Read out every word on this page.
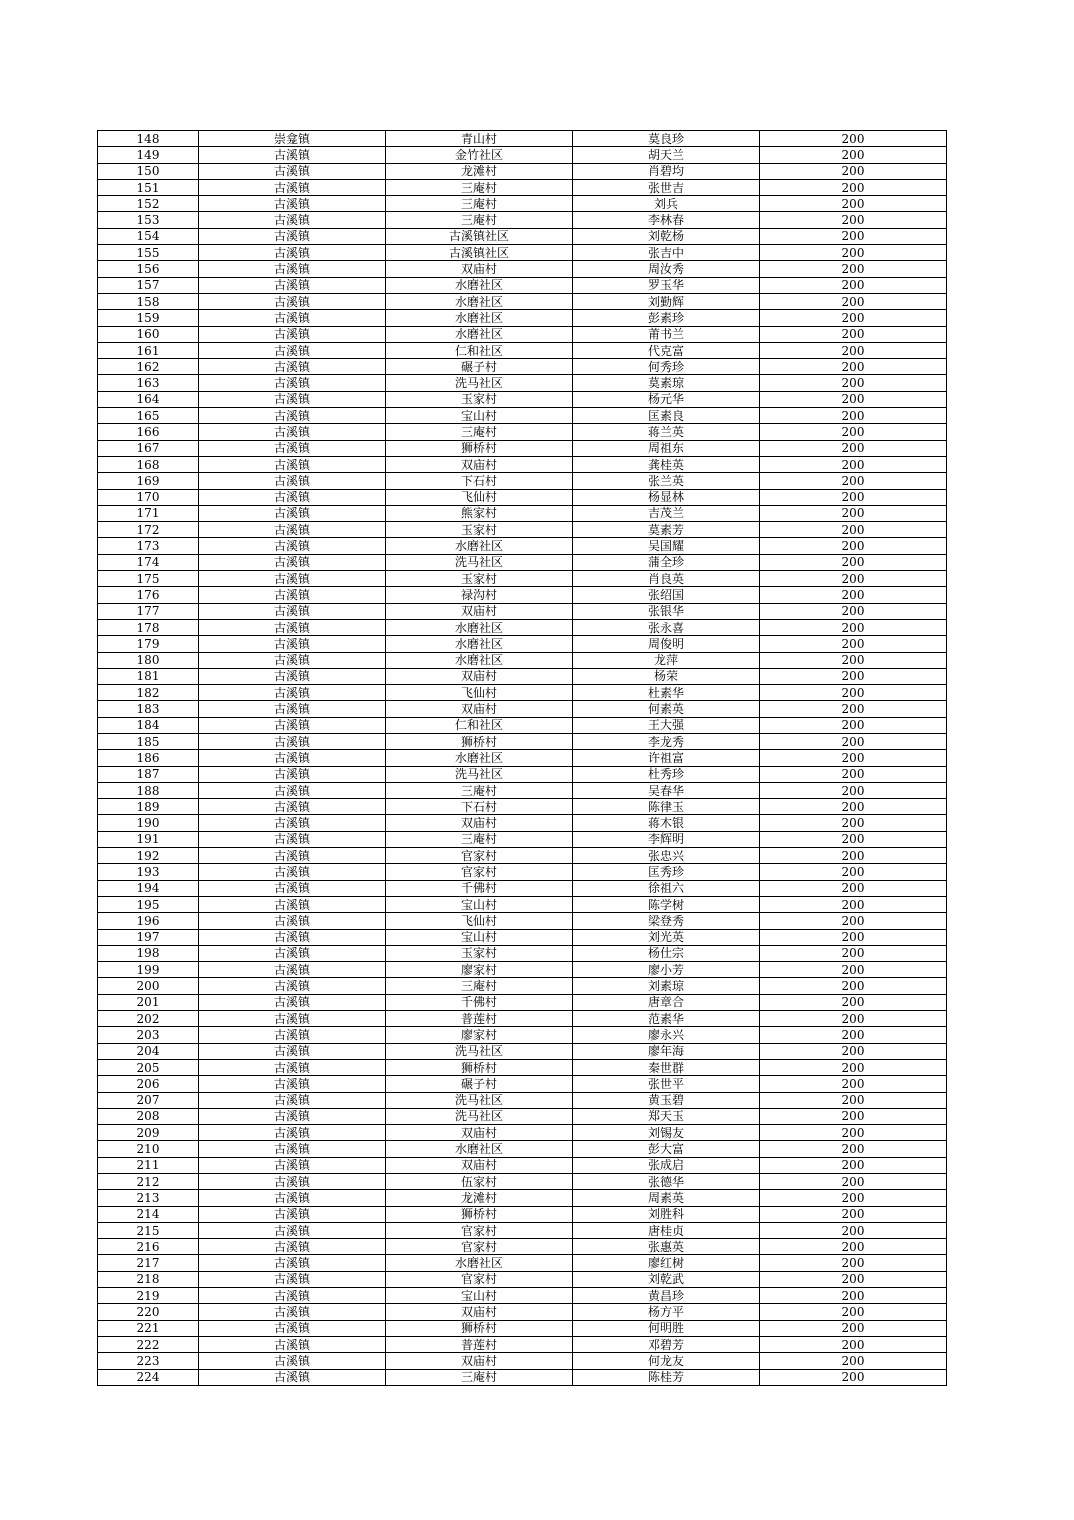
148	崇龛镇	青山村	莫良珍	200
149	古溪镇	金竹社区	胡天兰	200
150	古溪镇	龙滩村	肖碧均	200
151	古溪镇	三庵村	张世吉	200
152	古溪镇	三庵村	刘兵	200
153	古溪镇	三庵村	李林春	200
154	古溪镇	古溪镇社区	刘乾杨	200
155	古溪镇	古溪镇社区	张吉中	200
156	古溪镇	双庙村	周汝秀	200
157	古溪镇	水磨社区	罗玉华	200
158	古溪镇	水磨社区	刘勤辉	200
159	古溪镇	水磨社区	彭素珍	200
160	古溪镇	水磨社区	莆书兰	200
161	古溪镇	仁和社区	代克富	200
162	古溪镇	碾子村	何秀珍	200
163	古溪镇	洗马社区	莫素琼	200
164	古溪镇	玉家村	杨元华	200
165	古溪镇	宝山村	匡素良	200
166	古溪镇	三庵村	蒋兰英	200
167	古溪镇	狮桥村	周祖东	200
168	古溪镇	双庙村	龚桂英	200
169	古溪镇	下石村	张兰英	200
170	古溪镇	飞仙村	杨显林	200
171	古溪镇	熊家村	吉茂兰	200
172	古溪镇	玉家村	莫素芳	200
173	古溪镇	水磨社区	吴国耀	200
174	古溪镇	洗马社区	蒲全珍	200
175	古溪镇	玉家村	肖良英	200
176	古溪镇	禄沟村	张绍国	200
177	古溪镇	双庙村	张银华	200
178	古溪镇	水磨社区	张永喜	200
179	古溪镇	水磨社区	周俊明	200
180	古溪镇	水磨社区	龙萍	200
181	古溪镇	双庙村	杨荣	200
182	古溪镇	飞仙村	杜素华	200
183	古溪镇	双庙村	何素英	200
184	古溪镇	仁和社区	王大强	200
185	古溪镇	狮桥村	李龙秀	200
186	古溪镇	水磨社区	许祖富	200
187	古溪镇	洗马社区	杜秀珍	200
188	古溪镇	三庵村	吴春华	200
189	古溪镇	下石村	陈律玉	200
190	古溪镇	双庙村	蒋木银	200
191	古溪镇	三庵村	李辉明	200
192	古溪镇	官家村	张忠兴	200
193	古溪镇	官家村	匡秀珍	200
194	古溪镇	千佛村	徐祖六	200
195	古溪镇	宝山村	陈学树	200
196	古溪镇	飞仙村	梁登秀	200
197	古溪镇	宝山村	刘光英	200
198	古溪镇	玉家村	杨仕宗	200
199	古溪镇	廖家村	廖小芳	200
200	古溪镇	三庵村	刘素琼	200
201	古溪镇	千佛村	唐章合	200
202	古溪镇	普莲村	范素华	200
203	古溪镇	廖家村	廖永兴	200
204	古溪镇	洗马社区	廖年海	200
205	古溪镇	狮桥村	秦世群	200
206	古溪镇	碾子村	张世平	200
207	古溪镇	洗马社区	黄玉碧	200
208	古溪镇	洗马社区	郑天玉	200
209	古溪镇	双庙村	刘锡友	200
210	古溪镇	水磨社区	彭大富	200
211	古溪镇	双庙村	张成启	200
212	古溪镇	伍家村	张德华	200
213	古溪镇	龙滩村	周素英	200
214	古溪镇	狮桥村	刘胜科	200
215	古溪镇	官家村	唐桂贞	200
216	古溪镇	官家村	张惠英	200
217	古溪镇	水磨社区	廖红树	200
218	古溪镇	官家村	刘乾武	200
219	古溪镇	宝山村	黄昌珍	200
220	古溪镇	双庙村	杨方平	200
221	古溪镇	狮桥村	何明胜	200
222	古溪镇	普莲村	邓碧芳	200
223	古溪镇	双庙村	何龙友	200
224	古溪镇	三庵村	陈桂芳	200
